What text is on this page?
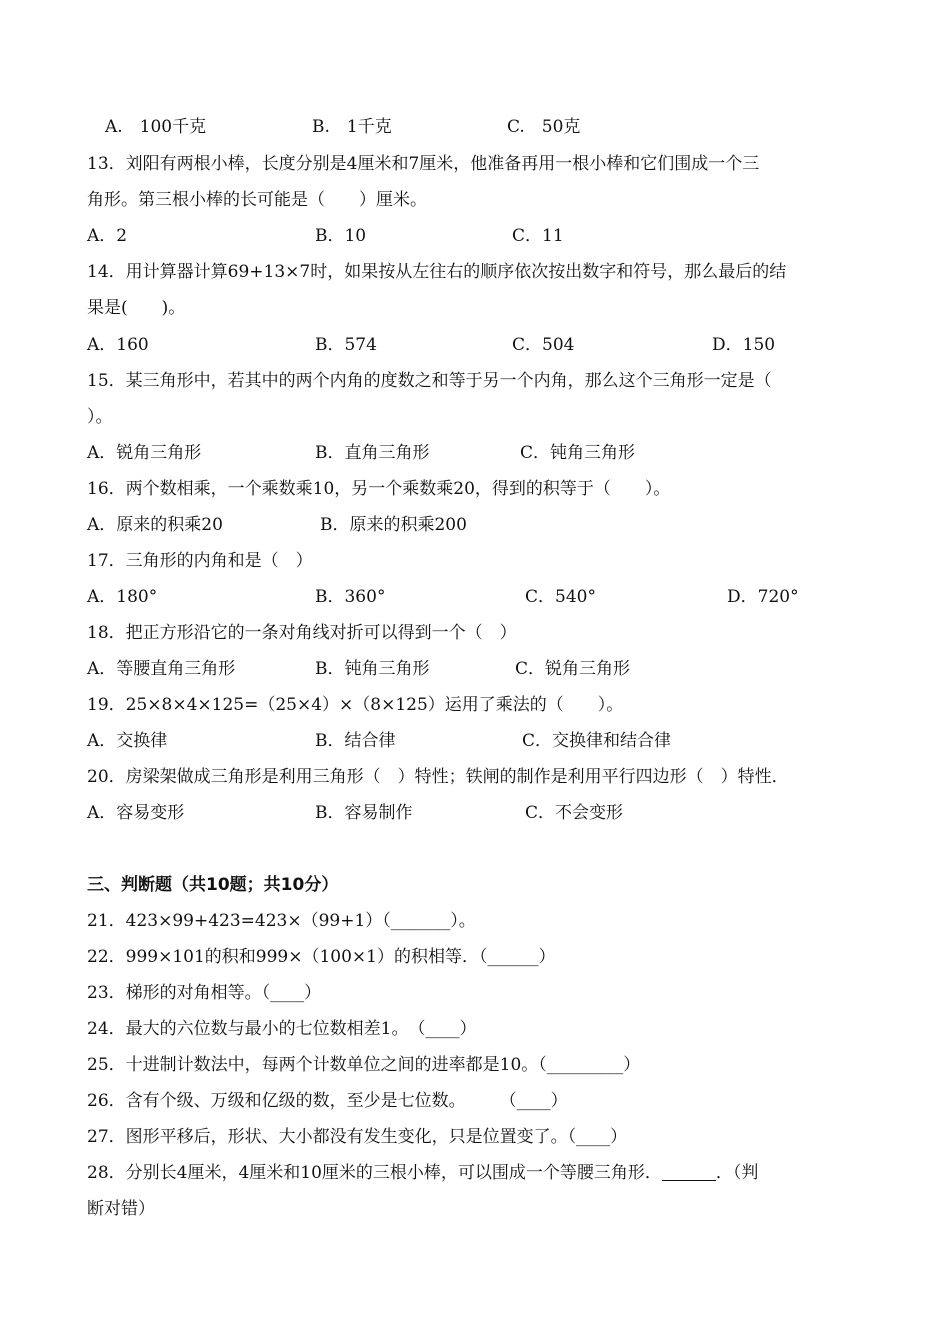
A.　100千克	B.　1千克	C.　50克
13．刘阳有两根小棒，长度分别是4厘米和7厘米，他准备再用一根小棒和它们围成一个三
角形。第三根小棒的长可能是（　　）厘米。
A．2	B．10	C．11
14．用计算器计算69+13×7时，如果按从左往右的顺序依次按出数字和符号，那么最后的结
果是(　　)。
A．160	B．574	C．504	D．150
15．某三角形中，若其中的两个内角的度数之和等于另一个内角，那么这个三角形一定是（
）。
A．锐角三角形	B．直角三角形	C．钝角三角形
16．两个数相乘，一个乘数乘10，另一个乘数乘20，得到的积等于（　　）。
A．原来的积乘20	B．原来的积乘200
17．三角形的内角和是（　）
A．180°	B．360°	C．540°	D．720°
18．把正方形沿它的一条对角线对折可以得到一个（　）
A．等腰直角三角形	B．钝角三角形	C．锐角三角形
19．25×8×4×125=（25×4）×（8×125）运用了乘法的（　　）。
A．交换律	B．结合律	C．交换律和结合律
20．房梁架做成三角形是利用三角形（　）特性；铁闸的制作是利用平行四边形（　）特性．
A．容易变形	B．容易制作	C．不会变形
三、判断题（共10题；共10分）
21．423×99+423=423×（99+1）（_______）。
22．999×101的积和999×（100×1）的积相等．（______）
23．梯形的对角相等。（____）
24．最大的六位数与最小的七位数相差1。　（____）
25．十进制计数法中，每两个计数单位之间的进率都是10。（_________）
26．含有个级、万级和亿级的数，至少是七位数。　　　（____）
27．图形平移后，形状、大小都没有发生变化，只是位置变了。（____）
28．分别长4厘米，4厘米和10厘米的三根小棒，可以围成一个等腰三角形．	．（判
断对错）
